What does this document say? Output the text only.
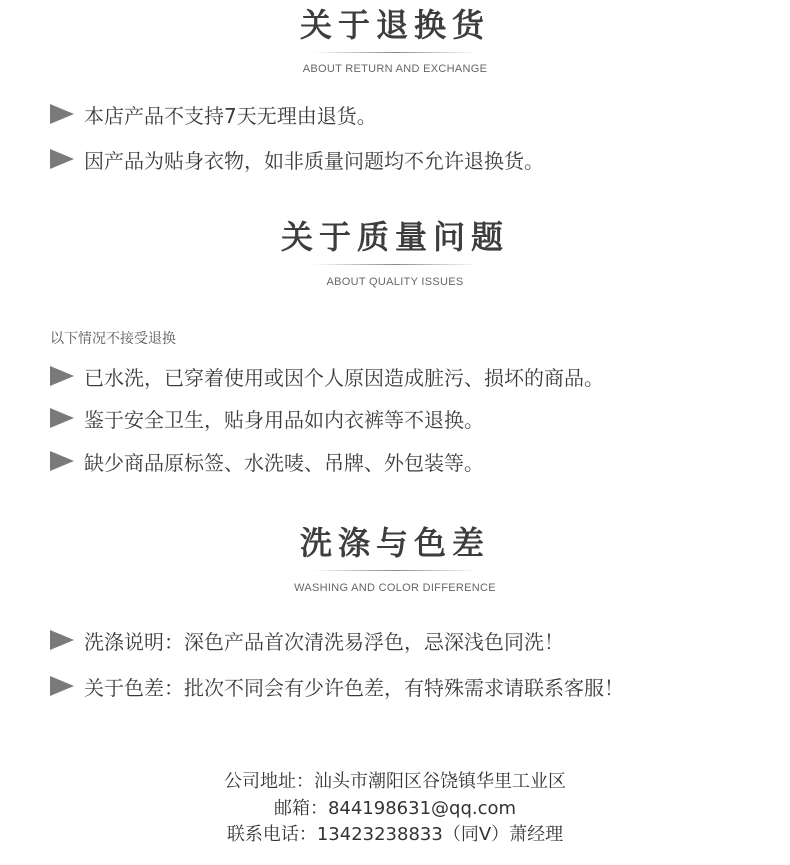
关于退换货
ABOUT RETURN AND EXCHANGE
本店产品不支持7天无理由退货。
因产品为贴身衣物，如非质量问题均不允许退换货。
关于质量问题
ABOUT QUALITY ISSUES
以下情况不接受退换
已水洗，已穿着使用或因个人原因造成脏污、损坏的商品。
鉴于安全卫生，贴身用品如内衣裤等不退换。
缺少商品原标签、水洗唛、吊牌、外包装等。
洗涤与色差
WASHING AND COLOR DIFFERENCE
洗涤说明：深色产品首次清洗易浮色，忌深浅色同洗！
关于色差：批次不同会有少许色差，有特殊需求请联系客服！
公司地址：汕头市潮阳区谷饶镇华里工业区
邮箱：844198631@qq.com
联系电话：13423238833（同V）萧经理
